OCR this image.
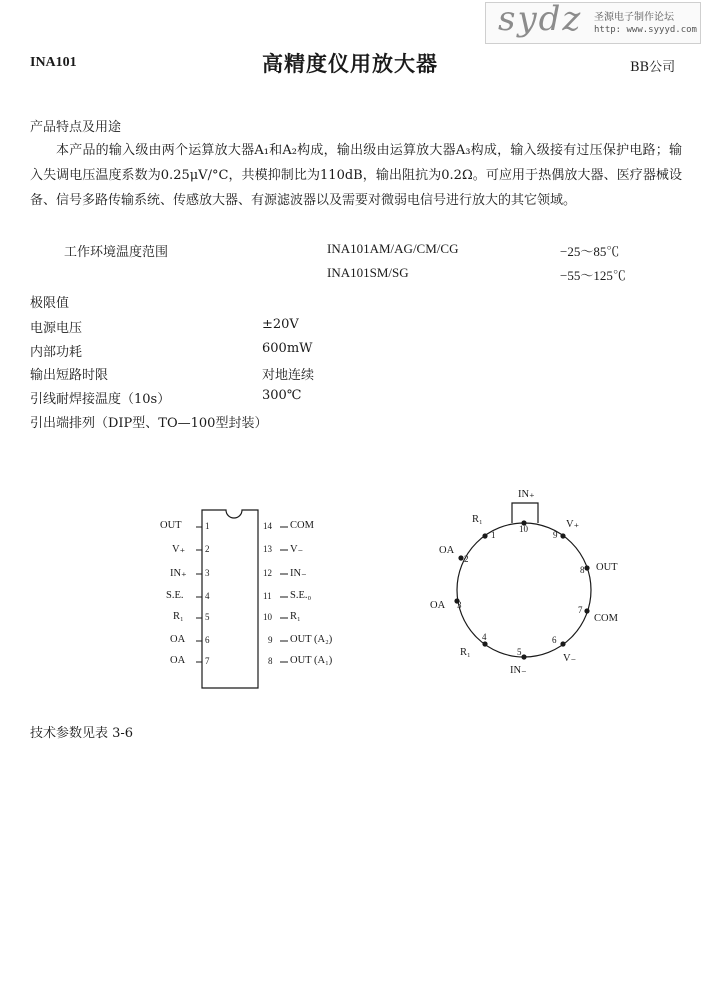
sydz 圣源电子制作论坛
http: www.syyyd.com
INA101	高精度仪用放大器	BB公司
产品特点及用途

本产品的输入级由两个运算放大器A₁和A₂构成，输出级由运算放大器A₃构成，输入级接有过压保护电路；输入失调电压温度系数为0.25μV/°C，共模抑制比为110dB，输出阻抗为0.2Ω。可应用于热偶放大器、医疗器械设备、信号多路传输系统、传感放大器、有源滤波器以及需要对微弱电信号进行放大的其它领域。

工作环境温度范围	INA101AM/AG/CM/CG	−25～85℃
INA101SM/SG	−55～125℃
极限值
电源电压	±20V
内部功耗	600mW
输出短路时限	对地连续
引线耐焊接温度（10s）	300℃
引出端排列（DIP型、TO—100型封装）
OUT	1
V₊ 2
IN₊ 3
S.E. 4
R₁ 5
OA 6
OA 7
14 COM
13 V₋
12 IN₋
11 S.E.₀
10 R₁
9 OUT (A₂)
8 OUT (A₁)
IN₊
10
R₁
1
OA
2
OA 3
R₁
4
IN₋
5
V₋
6
COM
7
OUT
8
V₊
9
技术参数见表 3-6
